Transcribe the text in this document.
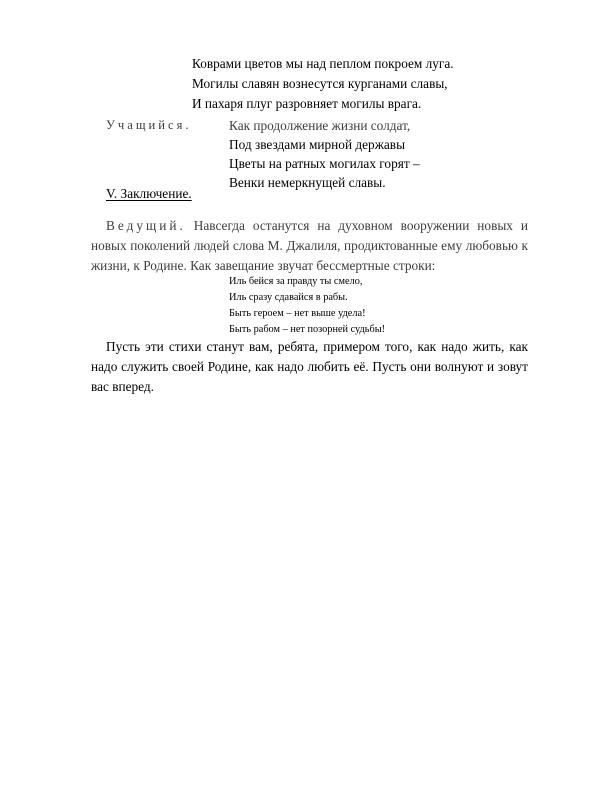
Коврами цветов мы над пеплом покроем луга.
Могилы славян вознесутся курганами славы,
И пахаря плуг разровняет могилы врага.
Учащийся.	Как продолжение жизни солдат,
Под звездами мирной державы
Цветы на ратных могилах горят –
Венки немеркнущей славы.
V. Заключение.
Ведущий. Навсегда останутся на духовном вооружении новых и новых поколений людей слова М. Джалиля, продиктованные ему любовью к жизни, к Родине. Как завещание звучат бессмертные строки:
Иль бейся за правду ты смело,
Иль сразу сдавайся в рабы.
Быть героем – нет выше удела!
Быть рабом – нет позорней судьбы!
Пусть эти стихи станут вам, ребята, примером того, как надо жить, как надо служить своей Родине, как надо любить её. Пусть они волнуют и зовут вас вперед.
